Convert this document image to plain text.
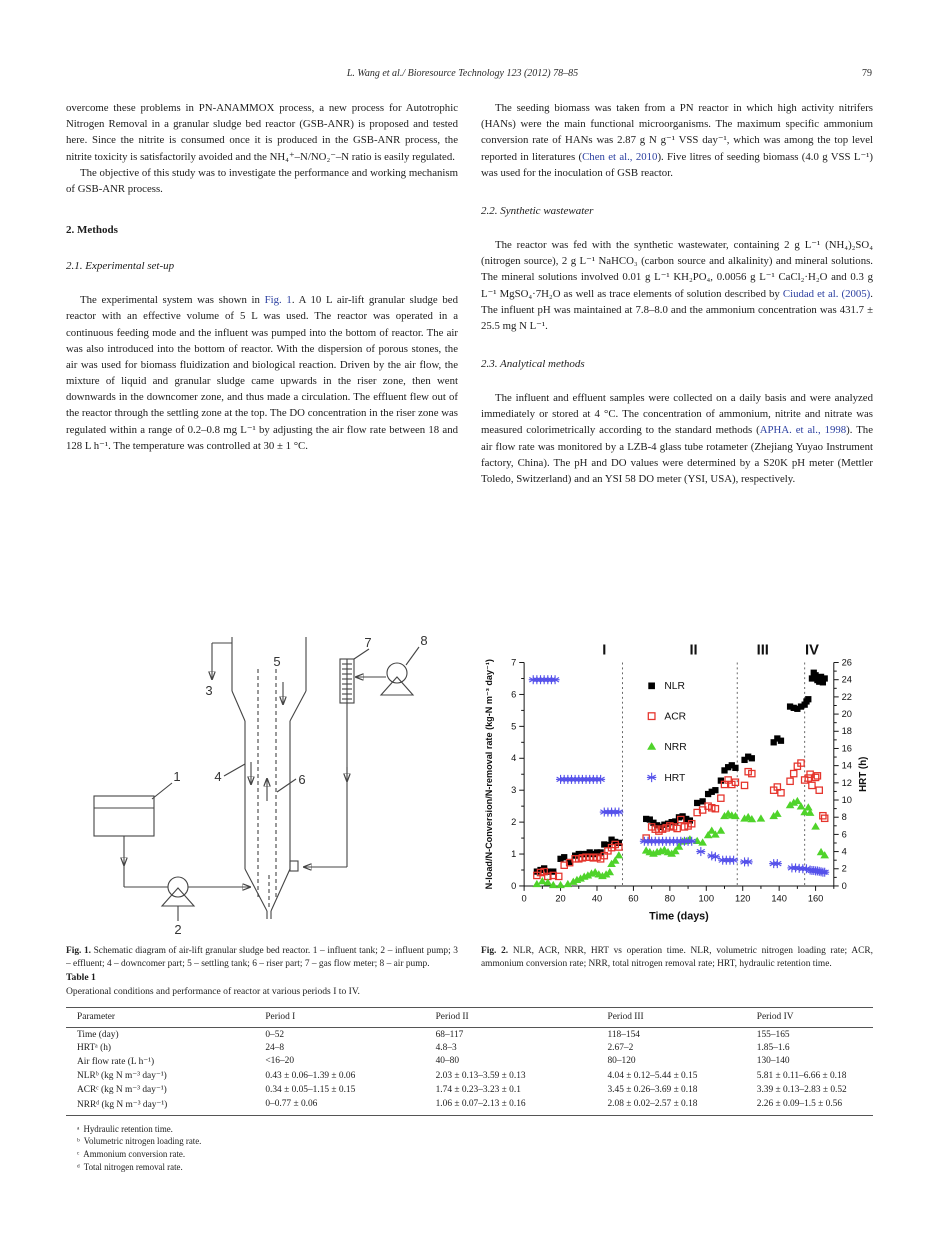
L. Wang et al./ Bioresource Technology 123 (2012) 78–85	79

overcome these problems in PN-ANAMMOX process, a new process for Autotrophic Nitrogen Removal in a granular sludge bed reactor (GSB-ANR) is proposed and tested here. Since the nitrite is consumed once it is produced in the GSB-ANR process, the nitrite toxicity is satisfactorily avoided and the NH₄⁺–N/NO₂⁻–N ratio is easily regulated.

The objective of this study was to investigate the performance and working mechanism of GSB-ANR process.

2. Methods
2.1. Experimental set-up

The experimental system was shown in Fig. 1. A 10 L air-lift granular sludge bed reactor with an effective volume of 5 L was used. The reactor was operated in a continuous feeding mode and the influent was pumped into the bottom of reactor. The air was also introduced into the bottom of reactor. With the dispersion of porous stones, the air was used for biomass fluidization and biological reaction. Driven by the air flow, the mixture of liquid and granular sludge came upwards in the riser zone, then went downwards in the downcomer zone, and thus made a circulation. The effluent flew out of the reactor through the settling zone at the top. The DO concentration in the riser zone was regulated within a range of 0.2–0.8 mg L⁻¹ by adjusting the air flow rate between 18 and 128 L h⁻¹. The temperature was controlled at 30 ± 1 °C.

1
2
3
4
5
6
7	8
Fig. 1. Schematic diagram of air-lift granular sludge bed reactor. 1 – influent tank; 2 – influent pump; 3 – effluent; 4 – downcomer part; 5 – settling tank; 6 – riser part; 7 – gas flow meter; 8 – air pump.

The seeding biomass was taken from a PN reactor in which high activity nitrifers (HANs) were the main functional microorganisms. The maximum specific ammonium conversion rate of HANs was 2.87 g N g⁻¹ VSS day⁻¹, which was among the top level reported in literatures (Chen et al., 2010). Five litres of seeding biomass (4.0 g VSS L⁻¹) was used for the inoculation of GSB reactor.

2.2. Synthetic wastewater

The reactor was fed with the synthetic wastewater, containing 2 g L⁻¹ (NH₄)₂SO₄ (nitrogen source), 2 g L⁻¹ NaHCO₃ (carbon source and alkalinity) and mineral solutions. The mineral solutions involved 0.01 g L⁻¹ KH₂PO₄, 0.0056 g L⁻¹ CaCl₂·H₂O and 0.3 g L⁻¹ MgSO₄·7H₂O as well as trace elements of solution described by Ciudad et al. (2005). The influent pH was maintained at 7.8–8.0 and the ammonium concentration was 431.7 ± 25.5 mg N L⁻¹.

2.3. Analytical methods

The influent and effluent samples were collected on a daily basis and were analyzed immediately or stored at 4 °C. The concentration of ammonium, nitrite and nitrate was measured colorimetrically according to the standard methods (APHA. et al., 1998). The air flow rate was monitored by a LZB-4 glass tube rotameter (Zhejiang Yuyao Instrument factory, China). The pH and DO values were determined by a S20K pH meter (Mettler Toledo, Switzerland) and an YSI 58 DO meter (YSI, USA), respectively.

0	20	40	60	80 100 120 140 160
0
1
2
3
4
5
6
7
0
2
4
6
8
10
12
14
16
18
20
22
24
26
I	II	III IV
NLR
ACR
NRR
HRT
Time (days)
N-load/N-Conversion/N-removal rate (kg-N m⁻³ day⁻¹)	HRT (h)
Fig. 2. NLR, ACR, NRR, HRT vs operation time. NLR, volumetric nitrogen loading rate; ACR, ammonium conversion rate; NRR, total nitrogen removal rate; HRT, hydraulic retention time.

Table 1

Operational conditions and performance of reactor at various periods I to IV.

Parameter	Period I	Period II	Period III	Period IV
Time (day)	0–52	68–117	118–154	155–165
HRTᵃ (h)	24–8	4.8–3	2.67–2	1.85–1.6
Air flow rate (L h⁻¹)	<16–20	40–80	80–120	130–140
NLRᵇ (kg N m⁻³ day⁻¹)	0.43 ± 0.06–1.39 ± 0.06	2.03 ± 0.13–3.59 ± 0.13	4.04 ± 0.12–5.44 ± 0.15	5.81 ± 0.11–6.66 ± 0.18
ACRᶜ (kg N m⁻³ day⁻¹)	0.34 ± 0.05–1.15 ± 0.15	1.74 ± 0.23–3.23 ± 0.1	3.45 ± 0.26–3.69 ± 0.18	3.39 ± 0.13–2.83 ± 0.52
NRRᵈ (kg N m⁻³ day⁻¹)	0–0.77 ± 0.06	1.06 ± 0.07–2.13 ± 0.16	2.08 ± 0.02–2.57 ± 0.18	2.26 ± 0.09–1.5 ± 0.56
ᵃ Hydraulic retention time.
ᵇ Volumetric nitrogen loading rate.
ᶜ Ammonium conversion rate.
ᵈ Total nitrogen removal rate.
